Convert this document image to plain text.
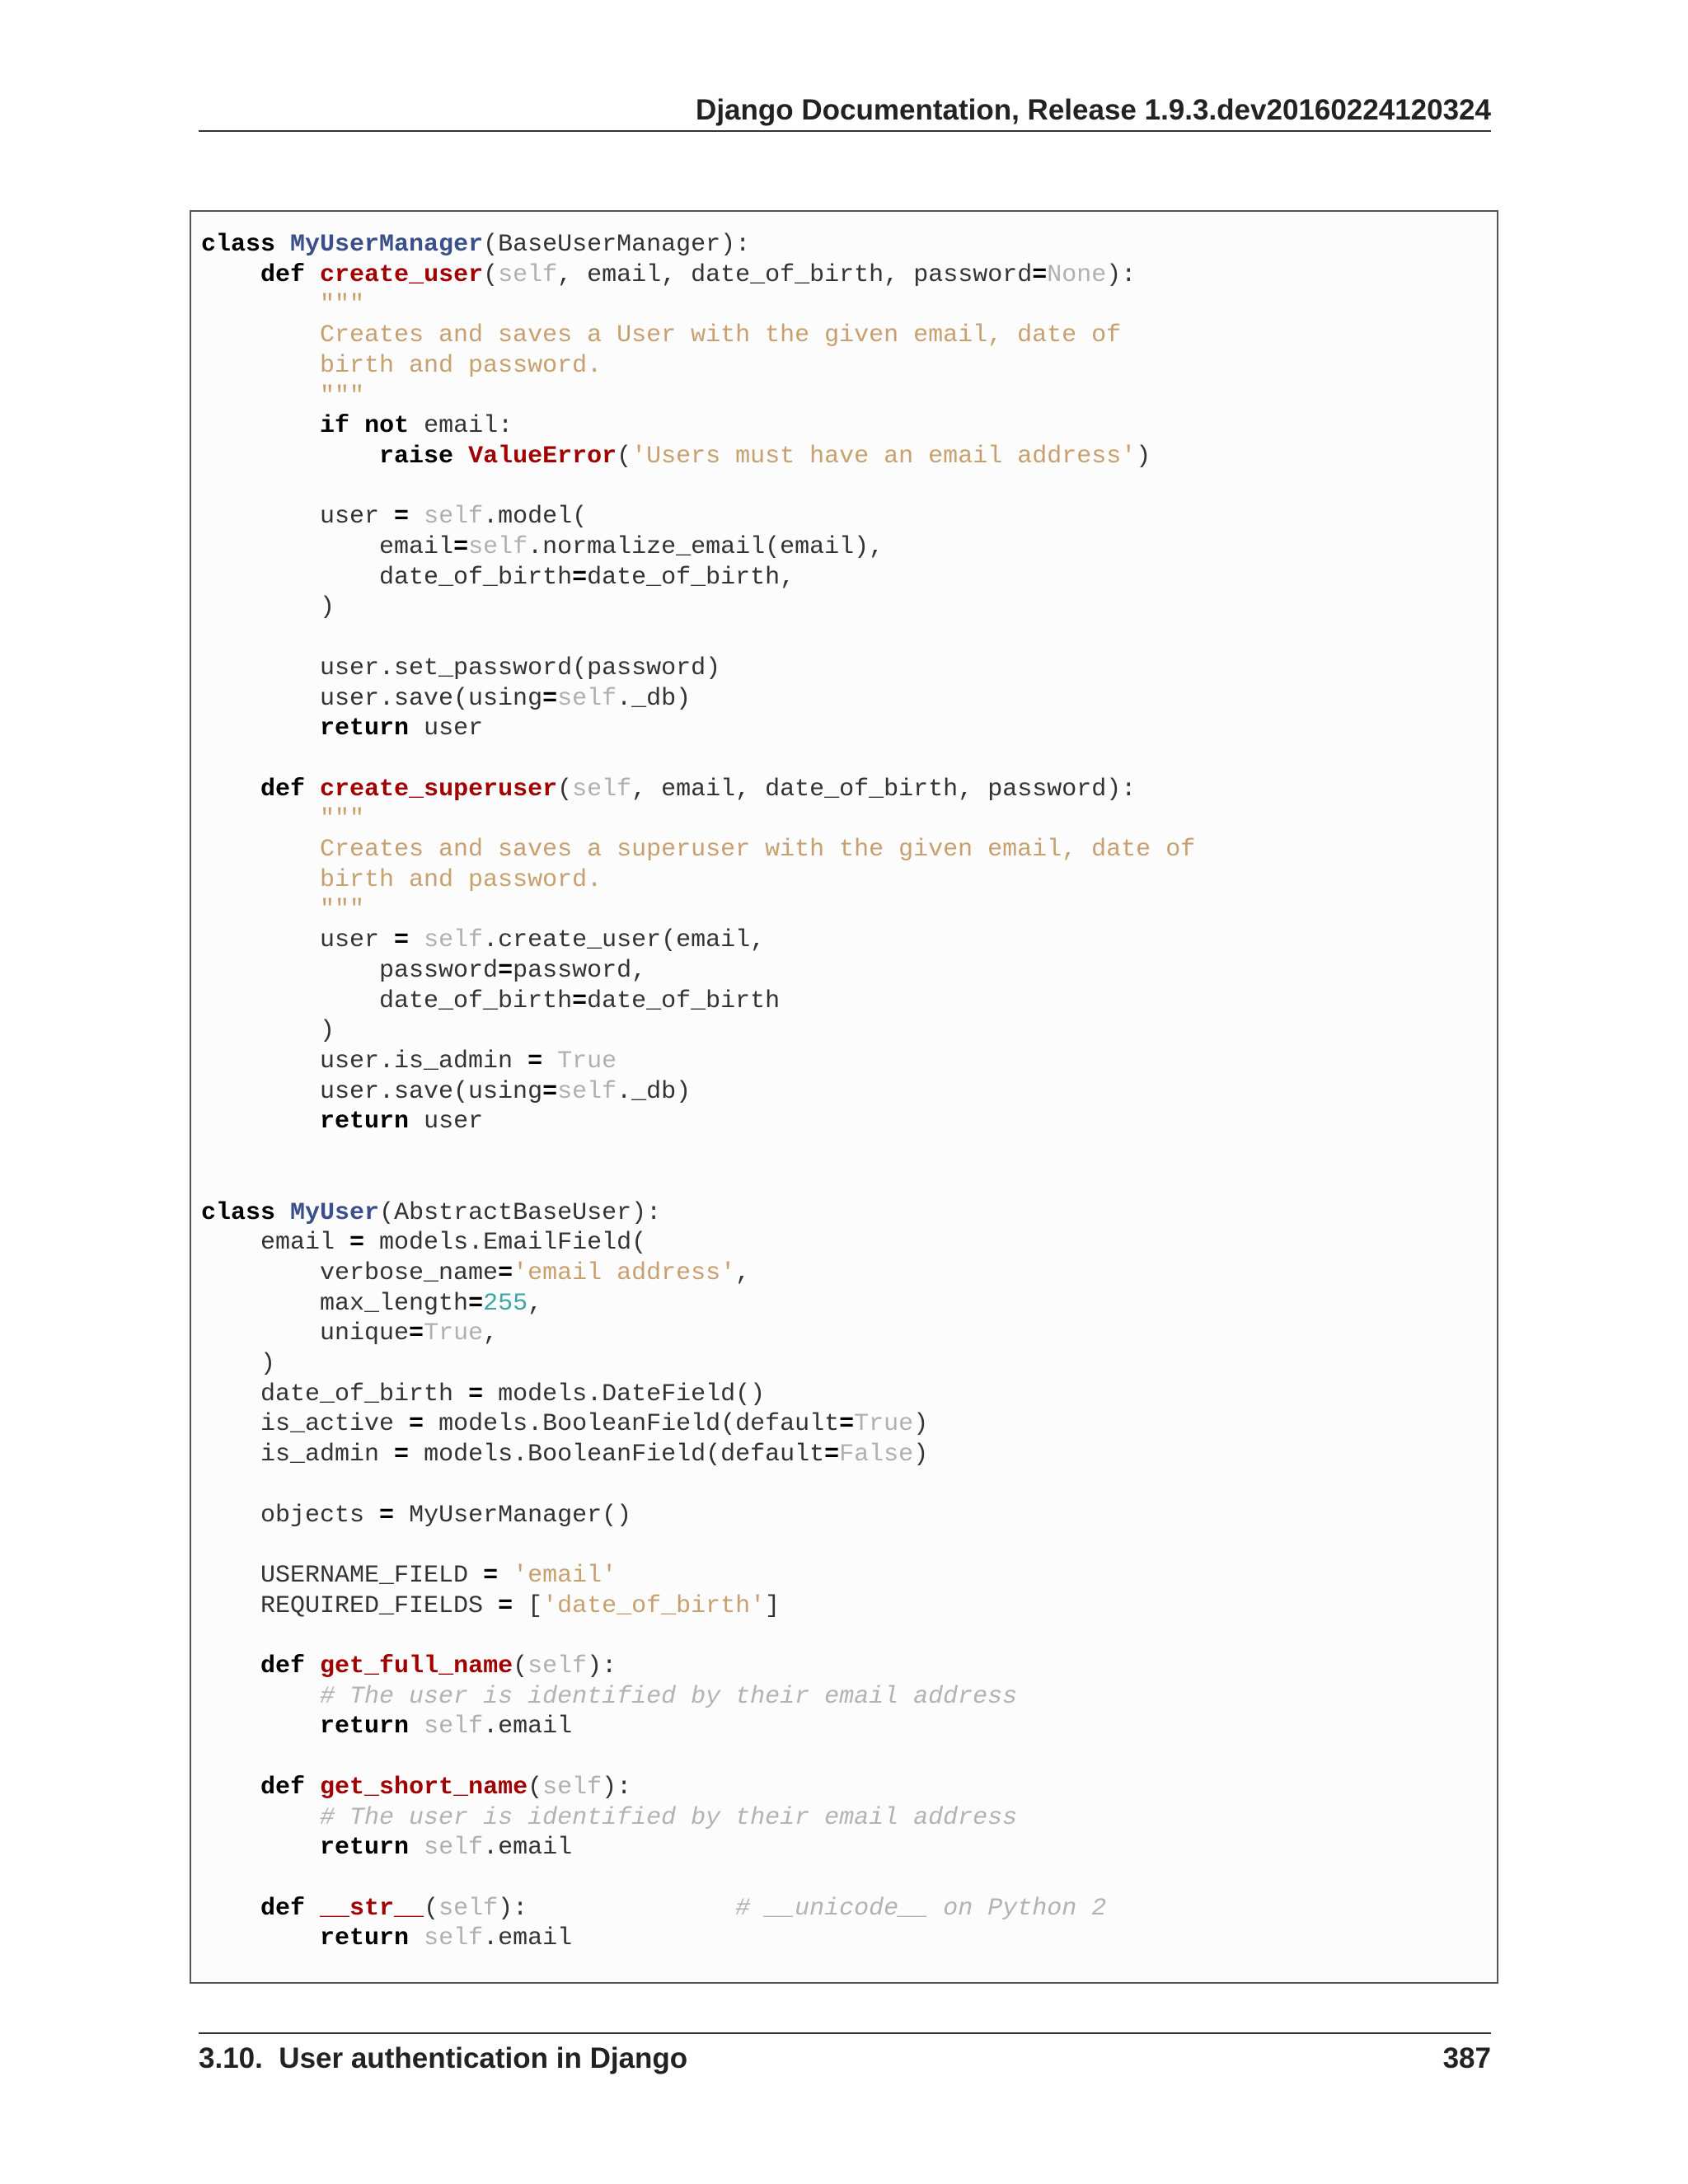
Django Documentation, Release 1.9.3.dev20160224120324
class MyUserManager(BaseUserManager):
def create_user(self, email, date_of_birth, password=None):
"""
Creates and saves a User with the given email, date of
birth and password.
"""
if not email:
raise ValueError('Users must have an email address')

user = self.model(
email=self.normalize_email(email),
date_of_birth=date_of_birth,
)

user.set_password(password)
user.save(using=self._db)
return user

def create_superuser(self, email, date_of_birth, password):
"""
Creates and saves a superuser with the given email, date of
birth and password.
"""
user = self.create_user(email,
password=password,
date_of_birth=date_of_birth
)
user.is_admin = True
user.save(using=self._db)
return user

class MyUser(AbstractBaseUser):
email = models.EmailField(
verbose_name='email address',
max_length=255,
unique=True,
)
date_of_birth = models.DateField()
is_active = models.BooleanField(default=True)
is_admin = models.BooleanField(default=False)

objects = MyUserManager()

USERNAME_FIELD = 'email'
REQUIRED_FIELDS = ['date_of_birth']

def get_full_name(self):
# The user is identified by their email address
return self.email

def get_short_name(self):
# The user is identified by their email address
return self.email

def __str__(self):              # __unicode__ on Python 2
return self.email
3.10.  User authentication in Django	387
